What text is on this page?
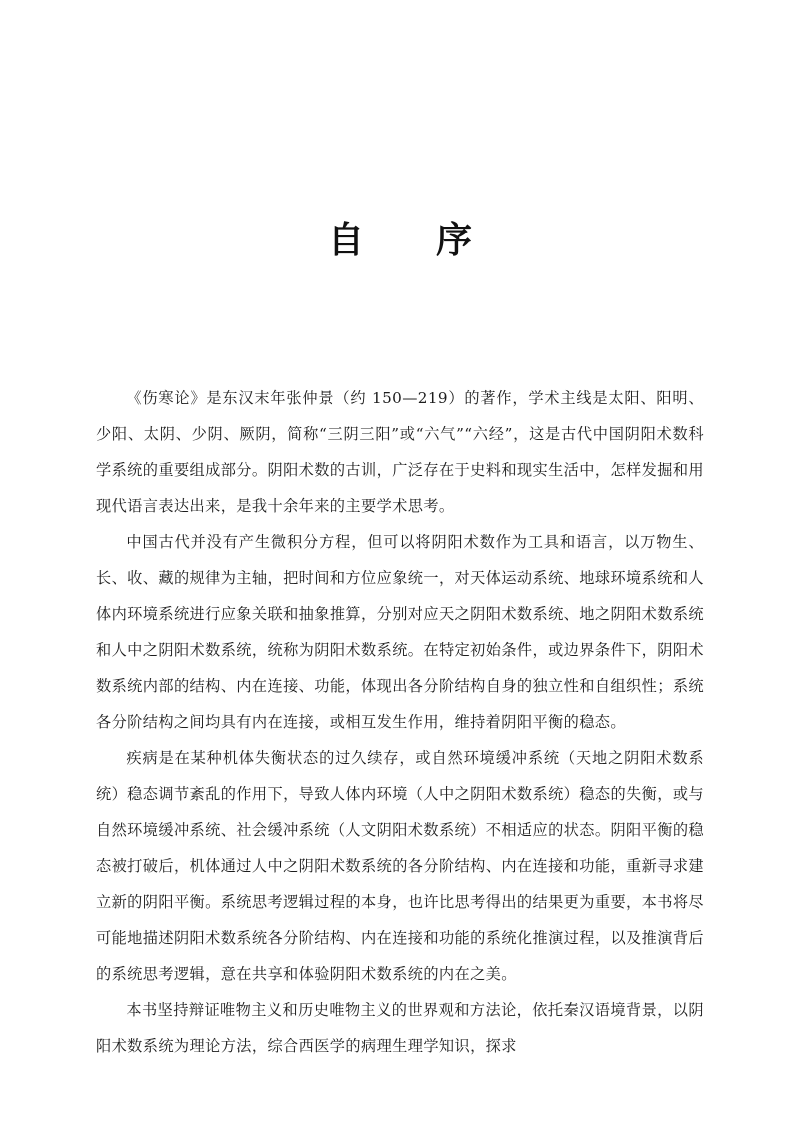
自　序

《伤寒论》是东汉末年张仲景（约 150—219）的著作，学术主线是太阳、阳明、少阳、太阴、少阴、厥阴，简称“三阴三阳”或“六气”“六经”，这是古代中国阴阳术数科学系统的重要组成部分。阴阳术数的古训，广泛存在于史料和现实生活中，怎样发掘和用现代语言表达出来，是我十余年来的主要学术思考。

中国古代并没有产生微积分方程，但可以将阴阳术数作为工具和语言，以万物生、长、收、藏的规律为主轴，把时间和方位应象统一，对天体运动系统、地球环境系统和人体内环境系统进行应象关联和抽象推算，分别对应天之阴阳术数系统、地之阴阳术数系统和人中之阴阳术数系统，统称为阴阳术数系统。在特定初始条件，或边界条件下，阴阳术数系统内部的结构、内在连接、功能，体现出各分阶结构自身的独立性和自组织性；系统各分阶结构之间均具有内在连接，或相互发生作用，维持着阴阳平衡的稳态。

疾病是在某种机体失衡状态的过久续存，或自然环境缓冲系统（天地之阴阳术数系统）稳态调节紊乱的作用下，导致人体内环境（人中之阴阳术数系统）稳态的失衡，或与自然环境缓冲系统、社会缓冲系统（人文阴阳术数系统）不相适应的状态。阴阳平衡的稳态被打破后，机体通过人中之阴阳术数系统的各分阶结构、内在连接和功能，重新寻求建立新的阴阳平衡。系统思考逻辑过程的本身，也许比思考得出的结果更为重要，本书将尽可能地描述阴阳术数系统各分阶结构、内在连接和功能的系统化推演过程，以及推演背后的系统思考逻辑，意在共享和体验阴阳术数系统的内在之美。

本书坚持辩证唯物主义和历史唯物主义的世界观和方法论，依托秦汉语境背景，以阴阳术数系统为理论方法，综合西医学的病理生理学知识，探求
